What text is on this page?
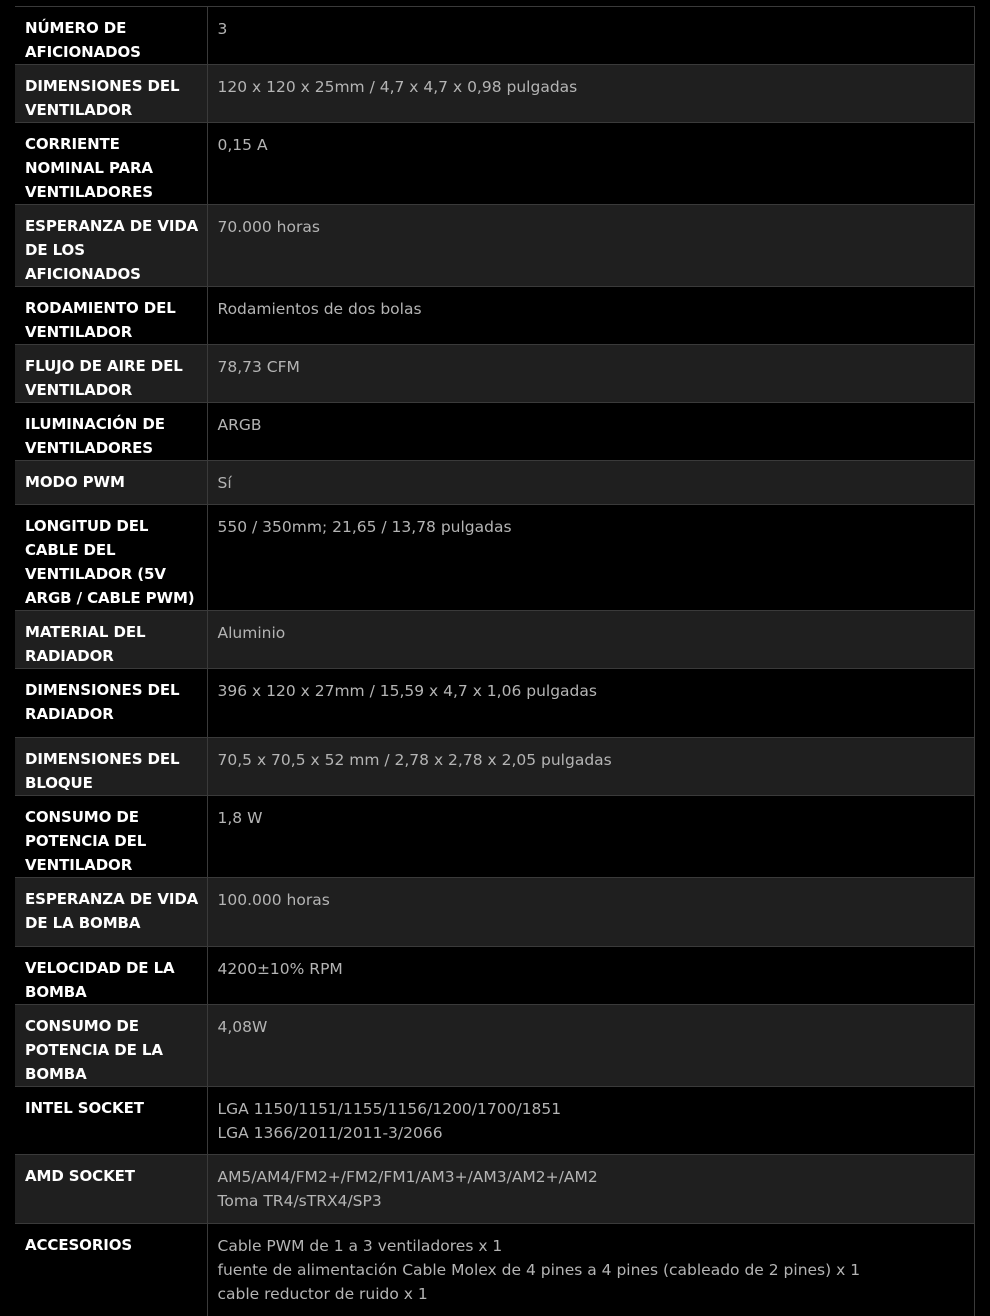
NÚMERO DE AFICIONADOS	3

DIMENSIONES DEL VENTILADOR	120 x 120 x 25mm / 4,7 x 4,7 x 0,98 pulgadas

CORRIENTE NOMINAL PARA VENTILADORES	0,15 A

ESPERANZA DE VIDA DE LOS AFICIONADOS	70.000 horas

RODAMIENTO DEL VENTILADOR	Rodamientos de dos bolas

FLUJO DE AIRE DEL VENTILADOR	78,73 CFM

ILUMINACIÓN DE VENTILADORES	ARGB

MODO PWM	Sí

LONGITUD DEL CABLE DEL VENTILADOR (5V ARGB / CABLE PWM)	550 / 350mm; 21,65 / 13,78 pulgadas

MATERIAL DEL RADIADOR	Aluminio

DIMENSIONES DEL RADIADOR	396 x 120 x 27mm / 15,59 x 4,7 x 1,06 pulgadas

DIMENSIONES DEL BLOQUE	70,5 x 70,5 x 52 mm / 2,78 x 2,78 x 2,05 pulgadas

CONSUMO DE POTENCIA DEL VENTILADOR	1,8 W

ESPERANZA DE VIDA DE LA BOMBA	100.000 horas

VELOCIDAD DE LA BOMBA	4200±10% RPM

CONSUMO DE POTENCIA DE LA BOMBA	4,08W

INTEL SOCKET	LGA 1150/1151/1155/1156/1200/1700/1851
LGA 1366/2011/2011-3/2066

AMD SOCKET	AM5/AM4/FM2+/FM2/FM1/AM3+/AM3/AM2+/AM2
Toma TR4/sTRX4/SP3

ACCESORIOS	Cable PWM de 1 a 3 ventiladores x 1
fuente de alimentación Cable Molex de 4 pines a 4 pines (cableado de 2 pines) x 1
cable reductor de ruido x 1
